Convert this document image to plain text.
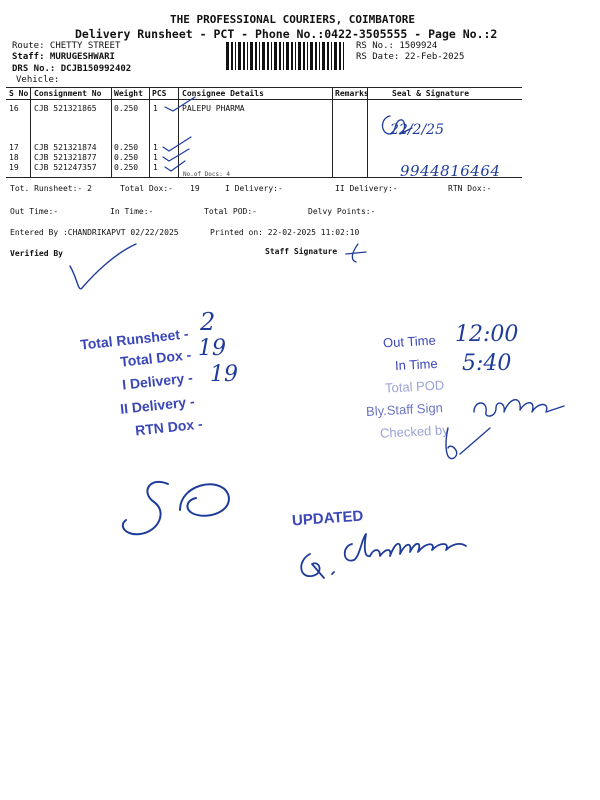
THE PROFESSIONAL COURIERS, COIMBATORE
Delivery Runsheet - PCT - Phone No.:0422-3505555 - Page No.:2
Route: CHETTY STREET
Staff: MURUGESHWARI
DRS No.: DCJB150992402
Vehicle:
RS No.: 1509924
RS Date: 22-Feb-2025
S No Consignment No Weight PCS Consignee Details	Remarks	Seal & Signature
16 CJB 521321865 0.250 1	PALEPU PHARMA
17 CJB 521321874 0.250 1
18 CJB 521321877 0.250 1
19 CJB 521247357 0.250 1
No.of Docs: 4
22/2/25
9944816464
Tot. Runsheet:- 2	Total Dox:- 19	I Delivery:-	II Delivery:-	RTN Dox:-
Out Time:-	In Time:-	Total POD:-	Delvy Points:-
Entered By :CHANDRIKAPVT 02/22/2025	Printed on: 22-02-2025 11:02:10
Verified By	Staff Signature
Total Runsheet -
Total Dox -
I Delivery -
II Delivery -
RTN Dox -
2
19
19
Out Time
In Time
Total POD
Bly.Staff Sign
Checked by
12:00
5:40
UPDATED
